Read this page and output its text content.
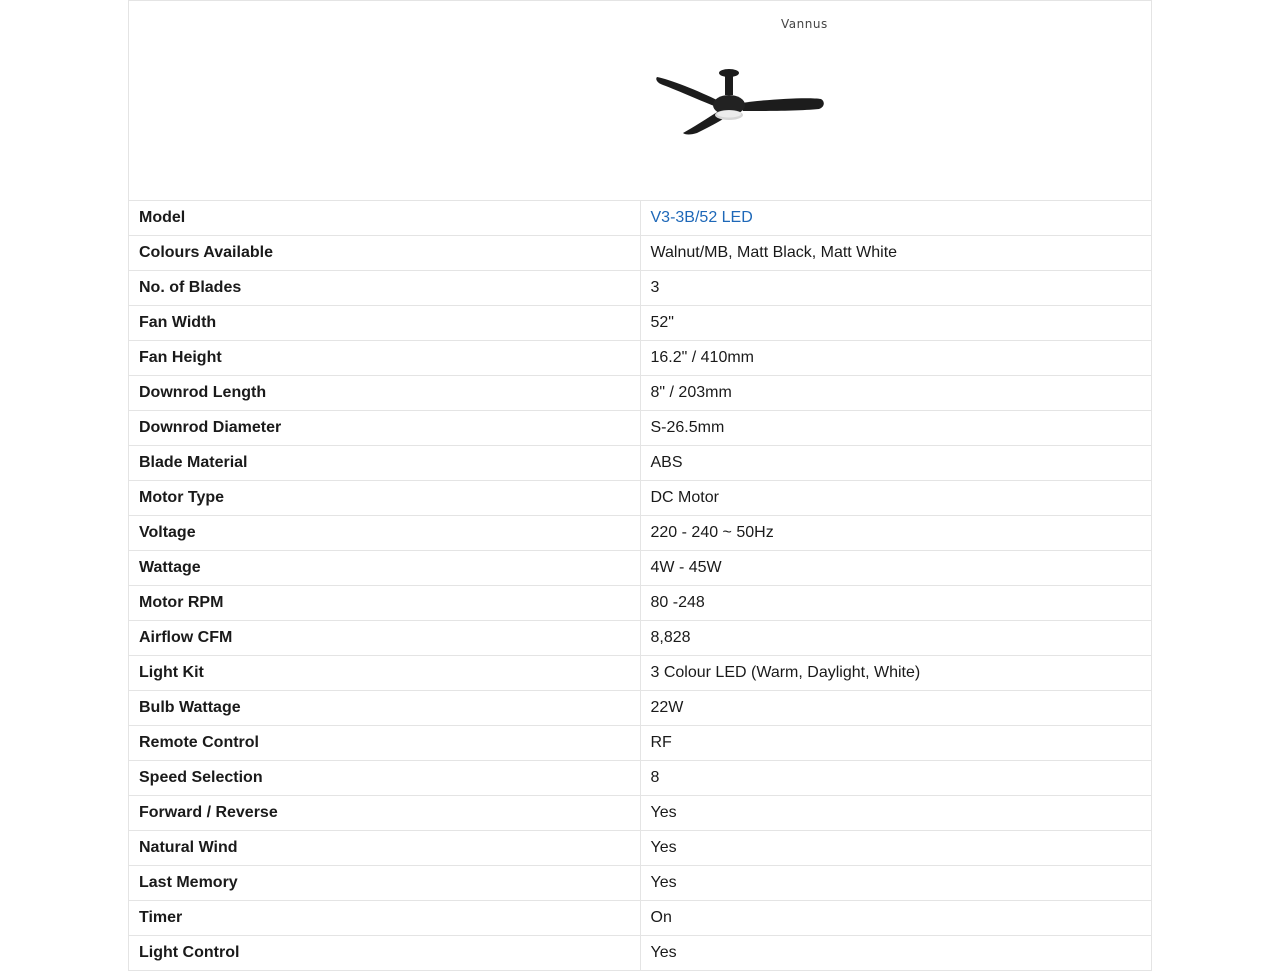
Vannus	

Model	V3-3B/52 LED
Colours Available	Walnut/MB, Matt Black, Matt White
No. of Blades	3
Fan Width	52"
Fan Height	16.2" / 410mm
Downrod Length	8" / 203mm
Downrod Diameter	S-26.5mm
Blade Material	ABS
Motor Type	DC Motor
Voltage	220 - 240 ~ 50Hz
Wattage	4W - 45W
Motor RPM	80 -248
Airflow CFM	8,828
Light Kit	3 Colour LED (Warm, Daylight, White)
Bulb Wattage	22W
Remote Control	RF
Speed Selection	8
Forward / Reverse	Yes
Natural Wind	Yes
Last Memory	Yes
Timer	On
Light Control	Yes
